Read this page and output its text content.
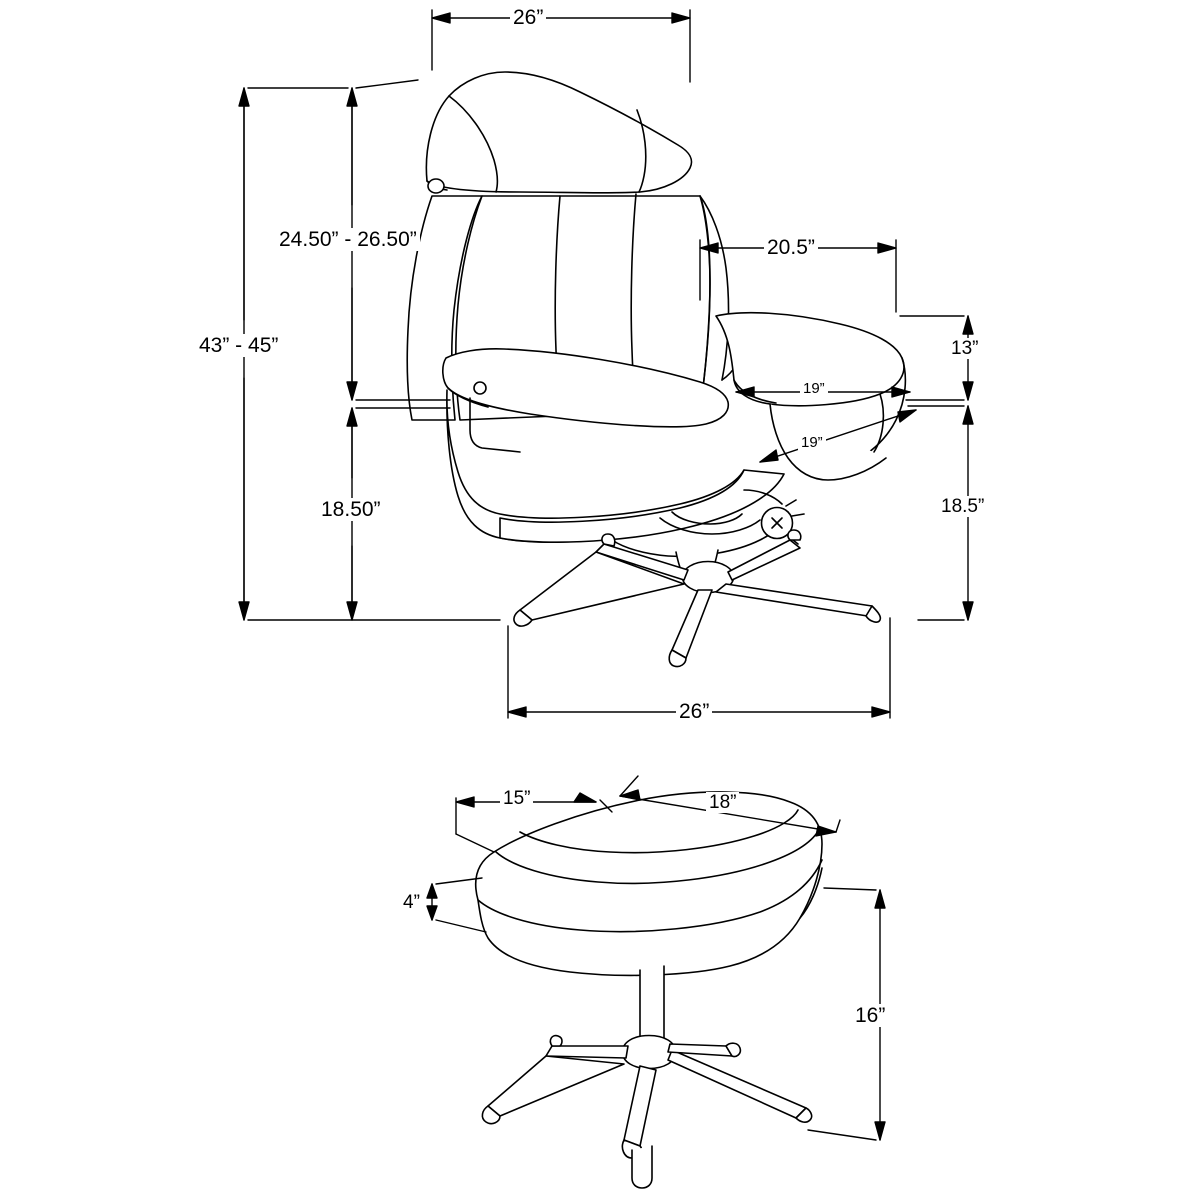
26”
24.50” - 26.50”
43” - 45”
20.5”
13”
19”
19”
18.50”	18.5”
26”
15”	18”
4”
16”
